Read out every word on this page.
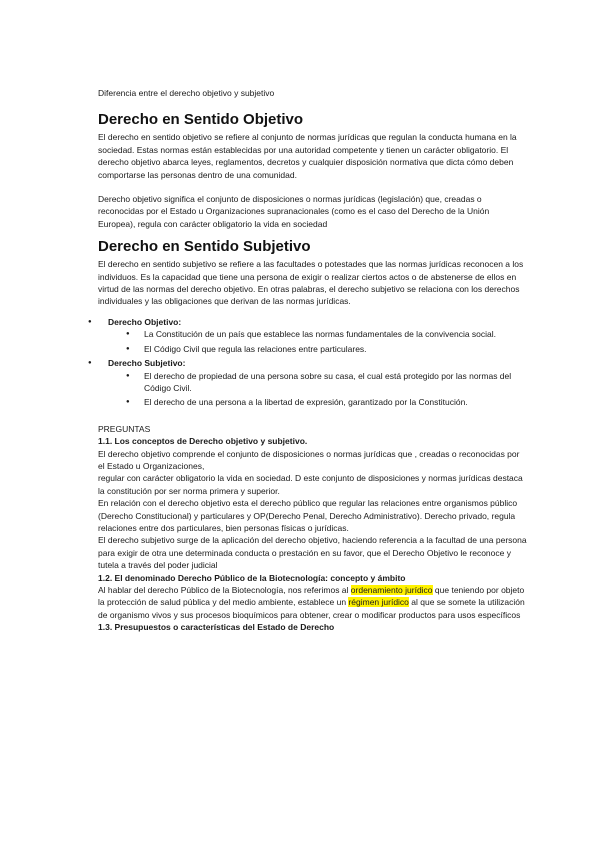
Diferencia entre el derecho objetivo y subjetivo

Derecho en Sentido Objetivo

El derecho en sentido objetivo se refiere al conjunto de normas jurídicas que regulan la conducta humana en la sociedad. Estas normas están establecidas por una autoridad competente y tienen un carácter obligatorio. El derecho objetivo abarca leyes, reglamentos, decretos y cualquier disposición normativa que dicta cómo deben comportarse las personas dentro de una comunidad.

Derecho objetivo significa el conjunto de disposiciones o normas jurídicas (legislación) que, creadas o reconocidas por el Estado u Organizaciones supranacionales (como es el caso del Derecho de la Unión Europea), regula con carácter obligatorio la vida en sociedad

Derecho en Sentido Subjetivo

El derecho en sentido subjetivo se refiere a las facultades o potestades que las normas jurídicas reconocen a los individuos. Es la capacidad que tiene una persona de exigir o realizar ciertos actos o de abstenerse de ellos en virtud de las normas del derecho objetivo. En otras palabras, el derecho subjetivo se relaciona con los derechos individuales y las obligaciones que derivan de las normas jurídicas.

● Derecho Objetivo:
● La Constitución de un país que establece las normas fundamentales de la convivencia social.
● El Código Civil que regula las relaciones entre particulares.
● Derecho Subjetivo:
● El derecho de propiedad de una persona sobre su casa, el cual está protegido por las normas del Código Civil.
● El derecho de una persona a la libertad de expresión, garantizado por la Constitución.

PREGUNTAS

1.1. Los conceptos de Derecho objetivo y subjetivo.

El derecho objetivo comprende el conjunto de disposiciones o normas jurídicas que , creadas o reconocidas por el Estado u Organizaciones,

regular con carácter obligatorio la vida en sociedad. D este conjunto de disposiciones y normas jurídicas destaca la constitución por ser norma primera y superior.

En relación con el derecho objetivo esta el derecho público que regular las relaciones entre organismos público (Derecho Constitucional) y particulares y OP(Derecho Penal, Derecho Administrativo). Derecho privado, regula relaciones entre dos particulares, bien personas físicas o jurídicas.

El derecho subjetivo surge de la aplicación del derecho objetivo, haciendo referencia a la facultad de una persona para exigir de otra une determinada conducta o prestación en su favor, que el Derecho Objetivo le reconoce y tutela a través del poder judicial

1.2. El denominado Derecho Público de la Biotecnología: concepto y ámbito

Al hablar del derecho Público de la Biotecnología, nos referimos al ordenamiento jurídico que teniendo por objeto la protección de salud pública y del medio ambiente, establece un régimen jurídico al que se somete la utilización de organismo vivos y sus procesos bioquímicos para obtener, crear o modificar productos para usos específicos

1.3. Presupuestos o características del Estado de Derecho
